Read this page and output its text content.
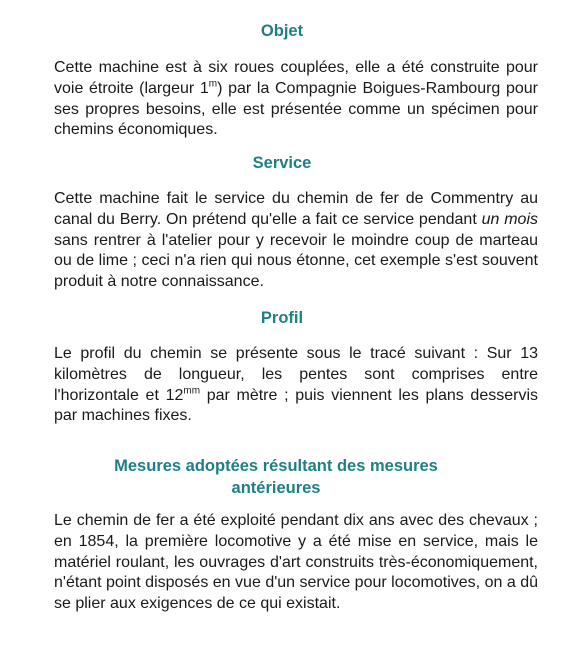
Objet

Cette machine est à six roues couplées, elle a été construite pour voie étroite (largeur 1$^m$) par la Compagnie Boigues-Rambourg pour ses propres besoins, elle est présentée comme un spécimen pour chemins économiques.

Service

Cette machine fait le service du chemin de fer de Commentry au canal du Berry. On prétend qu'elle a fait ce service pendant un mois sans rentrer à l'atelier pour y recevoir le moindre coup de marteau ou de lime ; ceci n'a rien qui nous étonne, cet exemple s'est souvent produit à notre connaissance.

Profil

Le profil du chemin se présente sous le tracé suivant : Sur 13 kilomètres de longueur, les pentes sont comprises entre l'horizontale et $12^{mm}$ par mètre ; puis viennent les plans desservis par machines fixes.

Mesures adoptées résultant des mesures
antérieures

Le chemin de fer a été exploité pendant dix ans avec des chevaux ; en 1854, la première locomotive y a été mise en service, mais le matériel roulant, les ouvrages d'art construits très-économiquement, n'étant point disposés en vue d'un service pour locomotives, on a dû se plier aux exigences de ce qui existait.
